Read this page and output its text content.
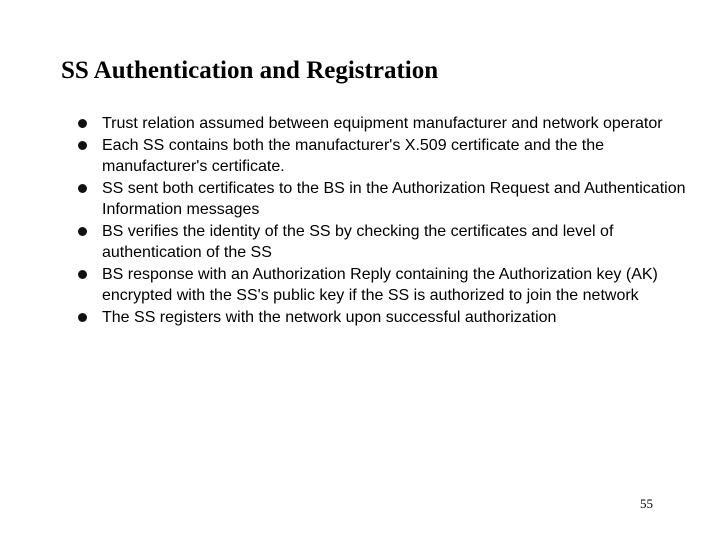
SS Authentication and Registration
Trust relation assumed between equipment manufacturer and network operator
Each SS contains both the manufacturer's X.509 certificate and the the manufacturer's certificate.
SS sent both certificates to the BS in the Authorization Request and Authentication Information messages
BS verifies the identity of the SS by checking the certificates and level of authentication of the SS
BS response with an Authorization Reply containing the Authorization key (AK) encrypted with the SS's public key if the SS is authorized to join the network
The SS registers with the network upon successful authorization
55
